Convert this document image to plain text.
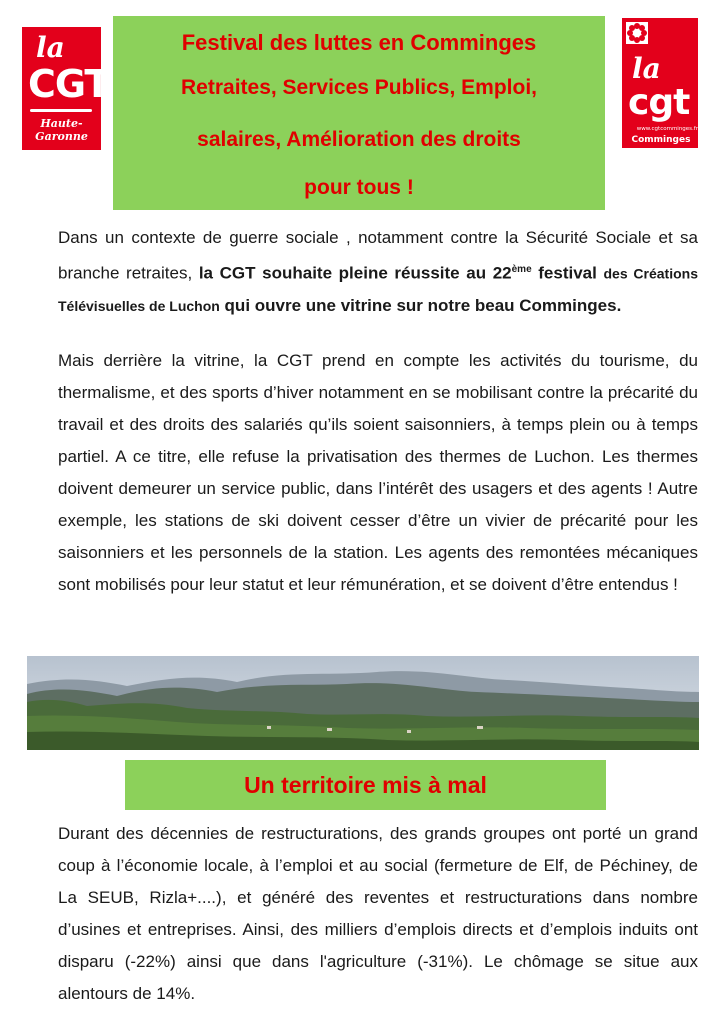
la
CGT
Haute-Garonne
Festival des luttes en Comminges
Retraites, Services Publics, Emploi,
salaires, Amélioration des droits
pour tous !
la
cgt
www.cgtcomminges.fr
Comminges

Dans un contexte de guerre sociale , notamment contre la Sécurité Sociale et sa branche retraites, la CGT souhaite pleine réussite au 22ème festival des Créations Télévisuelles de Luchon qui ouvre une vitrine sur notre beau Comminges.

Mais derrière la vitrine, la CGT prend en compte les activités du tourisme, du thermalisme, et des sports d’hiver notamment en se mobilisant contre la précarité du travail et des droits des salariés qu’ils soient saisonniers, à temps plein ou à temps partiel. A ce titre, elle refuse la privatisation des thermes de Luchon. Les thermes doivent demeurer un service public, dans l’intérêt des usagers et des agents ! Autre exemple, les stations de ski doivent cesser d’être un vivier de précarité pour les saisonniers et les personnels de la station. Les agents des remontées mécaniques sont mobilisés pour leur statut et leur rémunération, et se doivent d’être entendus !

Un territoire mis à mal

Durant des décennies de restructurations, des grands groupes ont porté un grand coup à l’économie locale, à l’emploi et au social (fermeture de Elf, de Péchiney, de La SEUB, Rizla+....), et généré des reventes et restructurations dans nombre d’usines et entreprises. Ainsi, des milliers d’emplois directs et d’emplois induits ont disparu (-22%) ainsi que dans l'agriculture (-31%). Le chômage se situe aux alentours de 14%.
